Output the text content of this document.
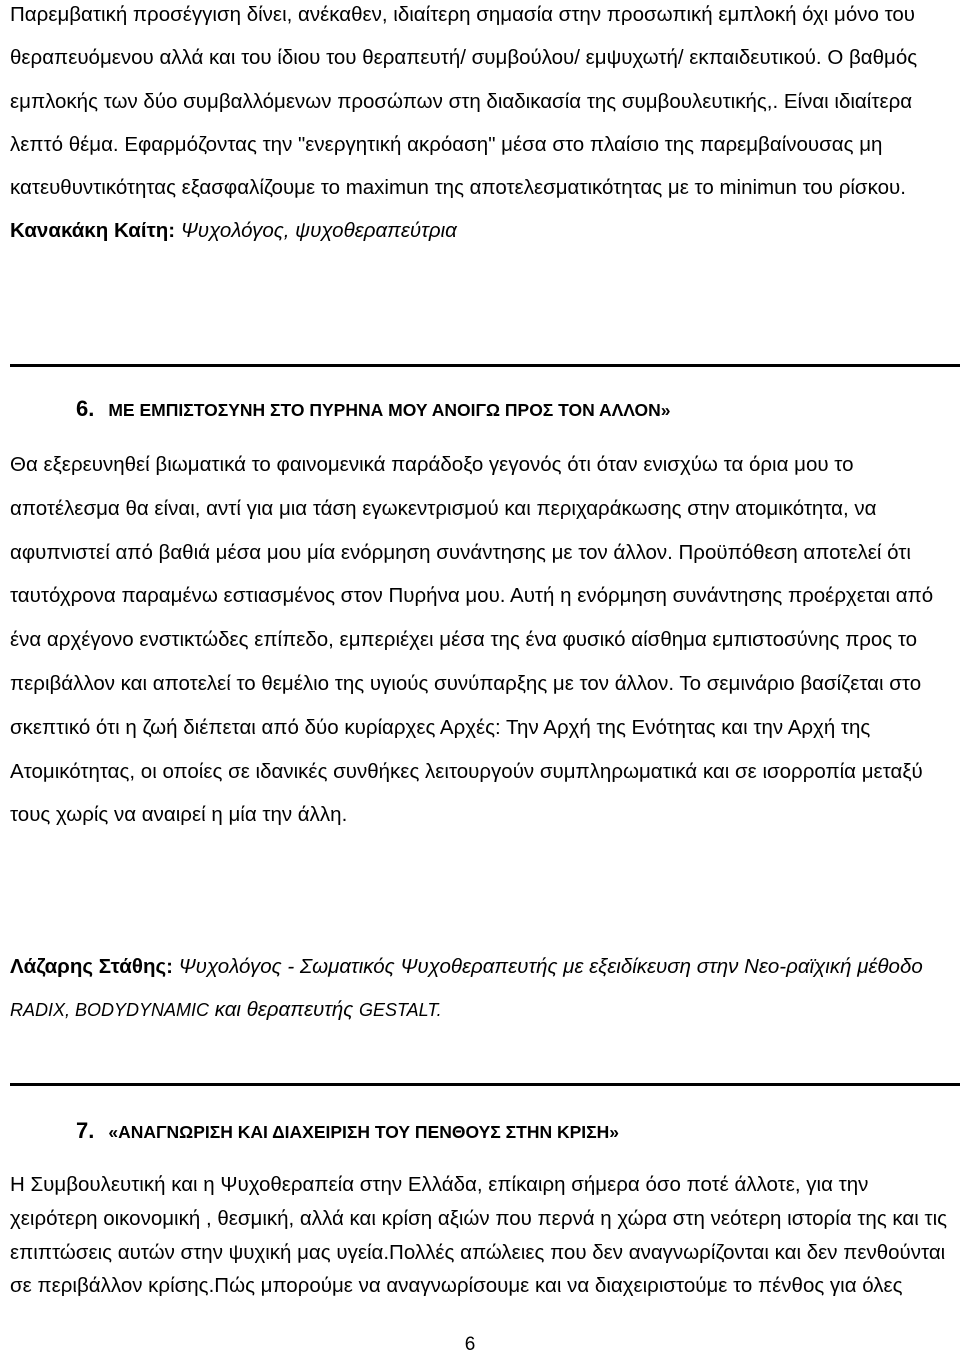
Παρεμβατική προσέγγιση δίνει, ανέκαθεν, ιδιαίτερη σημασία στην προσωπική εμπλοκή όχι μόνο του θεραπευόμενου αλλά και του ίδιου του θεραπευτή/ συμβούλου/ εμψυχωτή/ εκπαιδευτικού. Ο βαθμός εμπλοκής των δύο συμβαλλόμενων προσώπων στη διαδικασία της συμβουλευτικής,. Είναι ιδιαίτερα λεπτό θέμα. Εφαρμόζοντας την "ενεργητική ακρόαση" μέσα στο πλαίσιο της παρεμβαίνουσας μη κατευθυντικότητας εξασφαλίζουμε το maximun της αποτελεσματικότητας με το minimun του ρίσκου.

Κανακάκη Καίτη: Ψυχολόγος, ψυχοθεραπεύτρια

6. ΜΕ ΕΜΠΙΣΤΟΣΥΝΗ ΣΤΟ ΠΥΡΗΝΑ ΜΟΥ ΑΝΟΙΓΩ ΠΡΟΣ ΤΟΝ ΑΛΛΟΝ»

Θα εξερευνηθεί βιωματικά το φαινομενικά παράδοξο γεγονός ότι όταν ενισχύω τα όρια μου το αποτέλεσμα θα είναι, αντί για μια τάση εγωκεντρισμού και περιχαράκωσης στην ατομικότητα, να αφυπνιστεί από βαθιά μέσα μου μία ενόρμηση συνάντησης με τον άλλον. Προϋπόθεση αποτελεί ότι ταυτόχρονα παραμένω εστιασμένος στον Πυρήνα μου. Αυτή η ενόρμηση συνάντησης προέρχεται από ένα αρχέγονο ενστικτώδες επίπεδο, εμπεριέχει μέσα της ένα φυσικό αίσθημα εμπιστοσύνης προς το περιβάλλον και αποτελεί το θεμέλιο της υγιούς συνύπαρξης με τον άλλον. Το σεμινάριο βασίζεται στο σκεπτικό ότι η ζωή διέπεται από δύο κυρίαρχες Αρχές: Την Αρχή της Ενότητας και την Αρχή της Ατομικότητας, οι οποίες σε ιδανικές συνθήκες λειτουργούν συμπληρωματικά και σε ισορροπία μεταξύ τους χωρίς να αναιρεί η μία την άλλη.

Λάζαρης Στάθης: Ψυχολόγος - Σωματικός Ψυχοθεραπευτής με εξειδίκευση στην Νεο-ραϊχική μέθοδο RADIX, BODYDYNAMIC και θεραπευτής GESTALT.

7. «ΑΝΑΓΝΩΡΙΣΗ ΚΑΙ ΔΙΑΧΕΙΡΙΣΗ ΤΟΥ ΠΕΝΘΟΥΣ ΣΤΗΝ ΚΡΙΣΗ»

Η Συμβουλευτική και η Ψυχοθεραπεία στην Ελλάδα, επίκαιρη σήμερα όσο ποτέ άλλοτε, για την χειρότερη οικονομική , θεσμική, αλλά και κρίση αξιών που περνά η χώρα στη νεότερη ιστορία της και τις επιπτώσεις αυτών στην ψυχική μας υγεία.Πολλές απώλειες που δεν αναγνωρίζονται και δεν πενθούνται σε περιβάλλον κρίσης.Πώς μπορούμε να αναγνωρίσουμε και να διαχειριστούμε το πένθος για όλες

6
